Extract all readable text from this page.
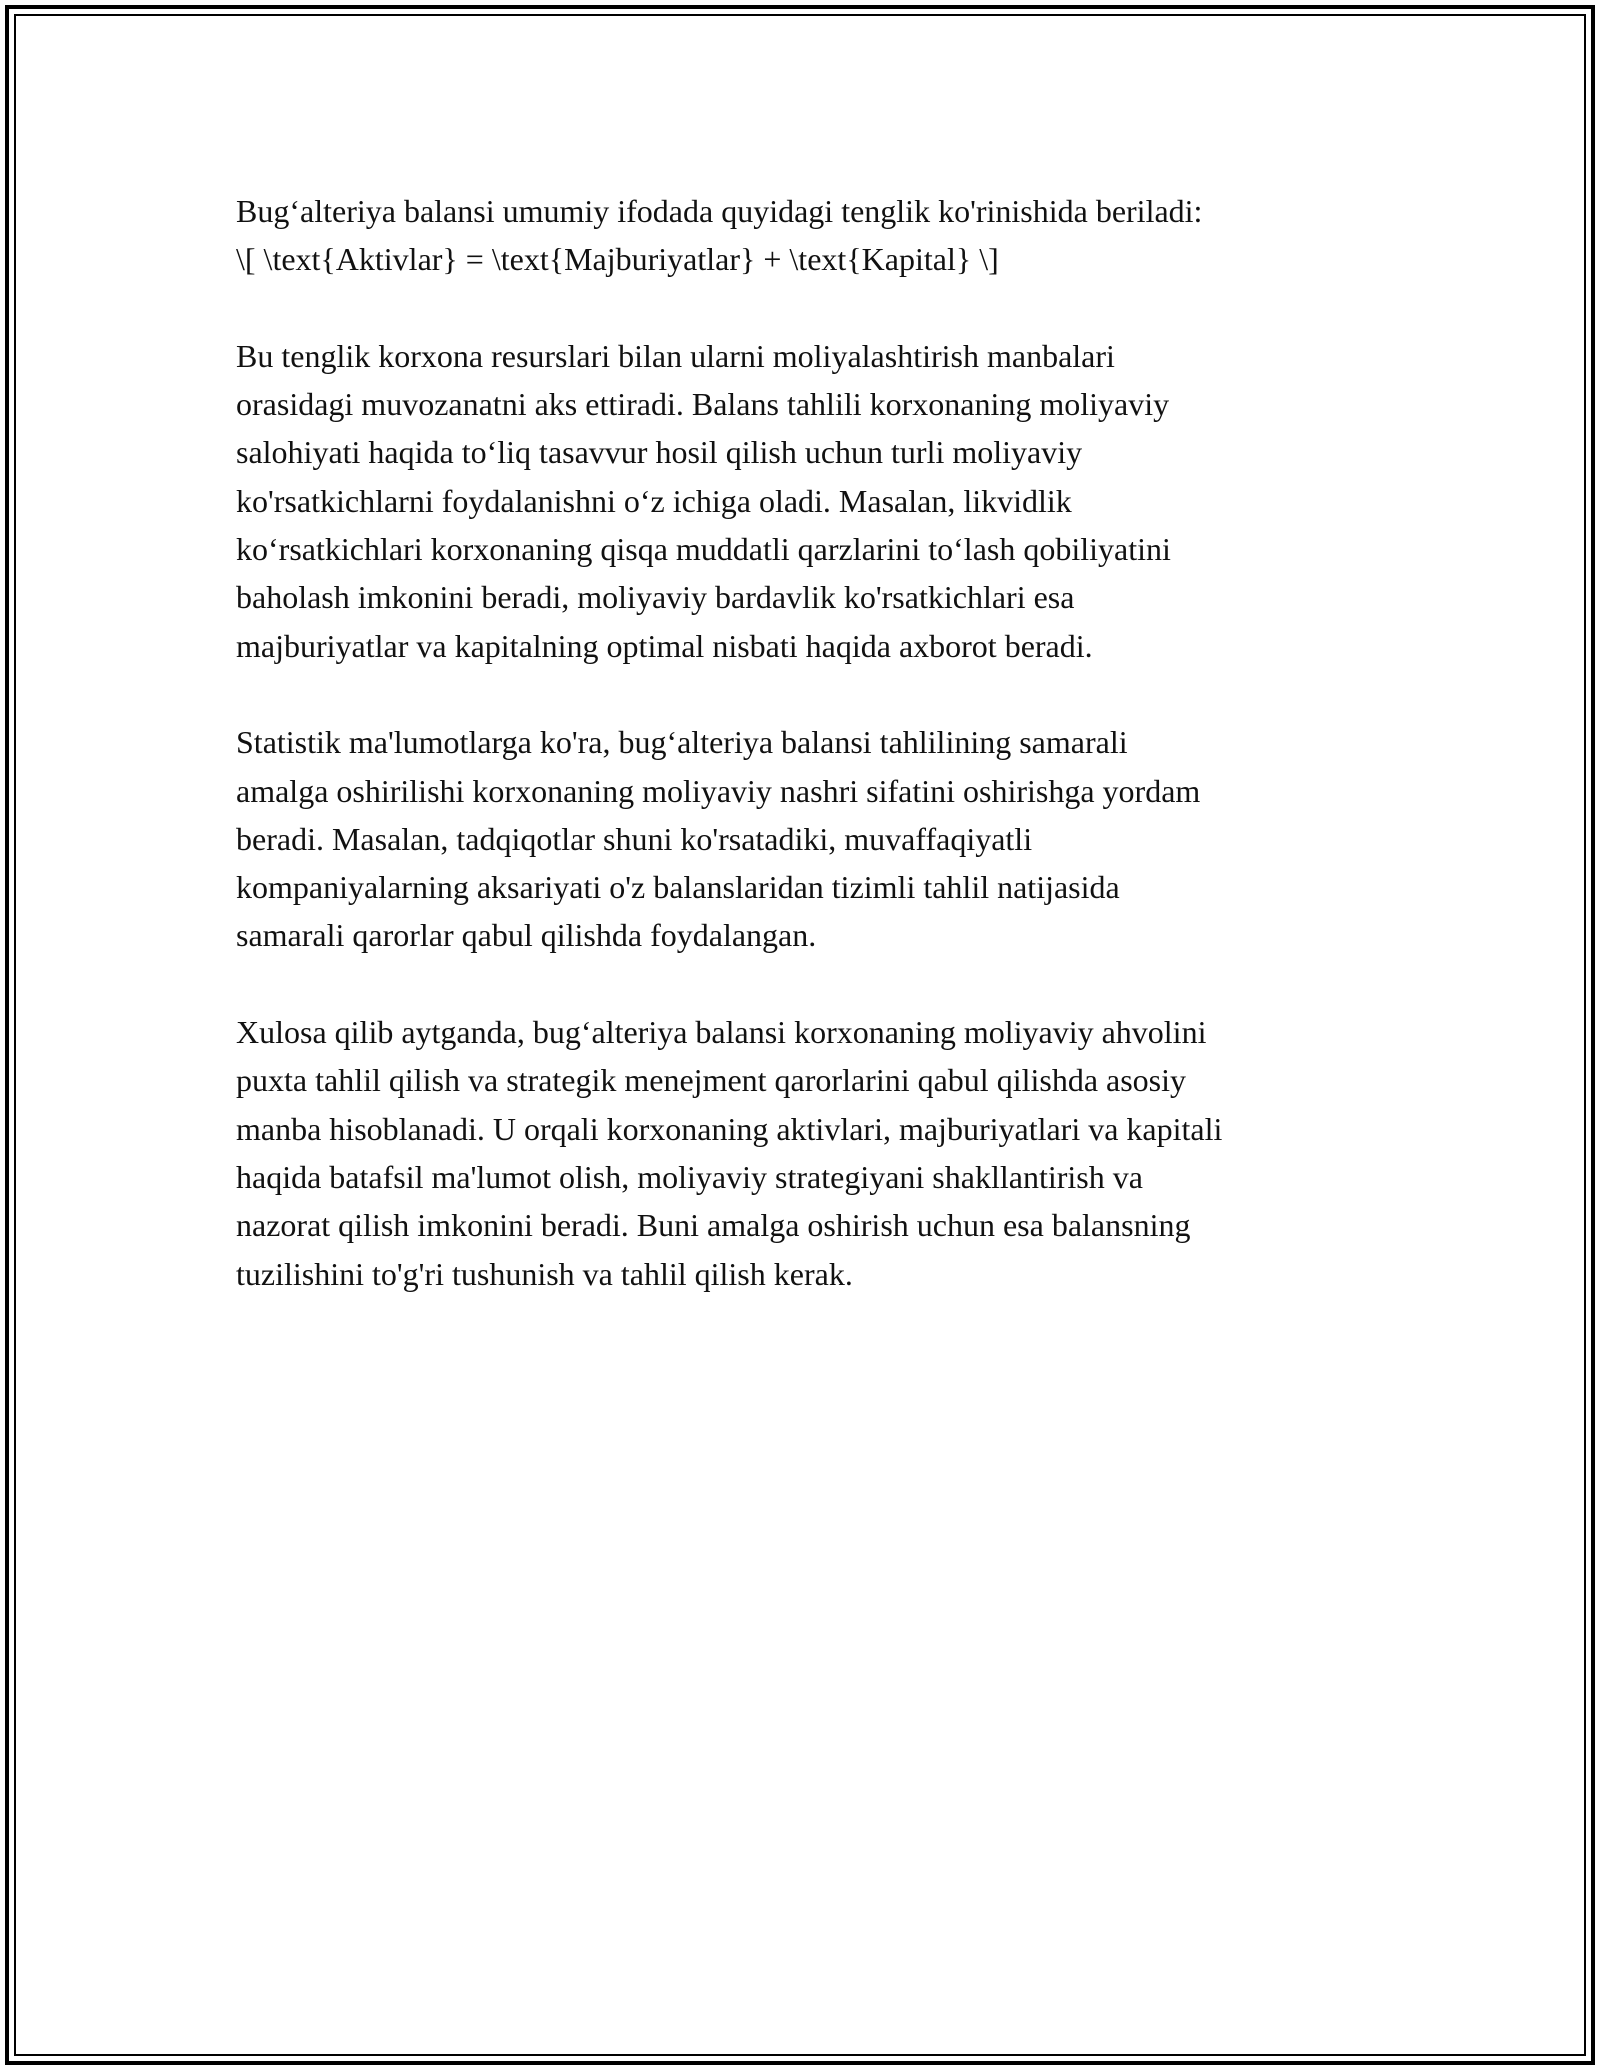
Bug‘alteriya balansi umumiy ifodada quyidagi tenglik ko'rinishida beriladi:
\[ \text{Aktivlar} = \text{Majburiyatlar} + \text{Kapital} \]

Bu tenglik korxona resurslari bilan ularni moliyalashtirish manbalari
orasidagi muvozanatni aks ettiradi. Balans tahlili korxonaning moliyaviy
salohiyati haqida to‘liq tasavvur hosil qilish uchun turli moliyaviy
ko'rsatkichlarni foydalanishni o‘z ichiga oladi. Masalan, likvidlik
ko‘rsatkichlari korxonaning qisqa muddatli qarzlarini to‘lash qobiliyatini
baholash imkonini beradi, moliyaviy bardavlik ko'rsatkichlari esa
majburiyatlar va kapitalning optimal nisbati haqida axborot beradi.

Statistik ma'lumotlarga ko'ra, bug‘alteriya balansi tahlilining samarali
amalga oshirilishi korxonaning moliyaviy nashri sifatini oshirishga yordam
beradi. Masalan, tadqiqotlar shuni ko'rsatadiki, muvaffaqiyatli
kompaniyalarning aksariyati o'z balanslaridan tizimli tahlil natijasida
samarali qarorlar qabul qilishda foydalangan.

Xulosa qilib aytganda, bug‘alteriya balansi korxonaning moliyaviy ahvolini
puxta tahlil qilish va strategik menejment qarorlarini qabul qilishda asosiy
manba hisoblanadi. U orqali korxonaning aktivlari, majburiyatlari va kapitali
haqida batafsil ma'lumot olish, moliyaviy strategiyani shakllantirish va
nazorat qilish imkonini beradi. Buni amalga oshirish uchun esa balansning
tuzilishini to'g'ri tushunish va tahlil qilish kerak.
